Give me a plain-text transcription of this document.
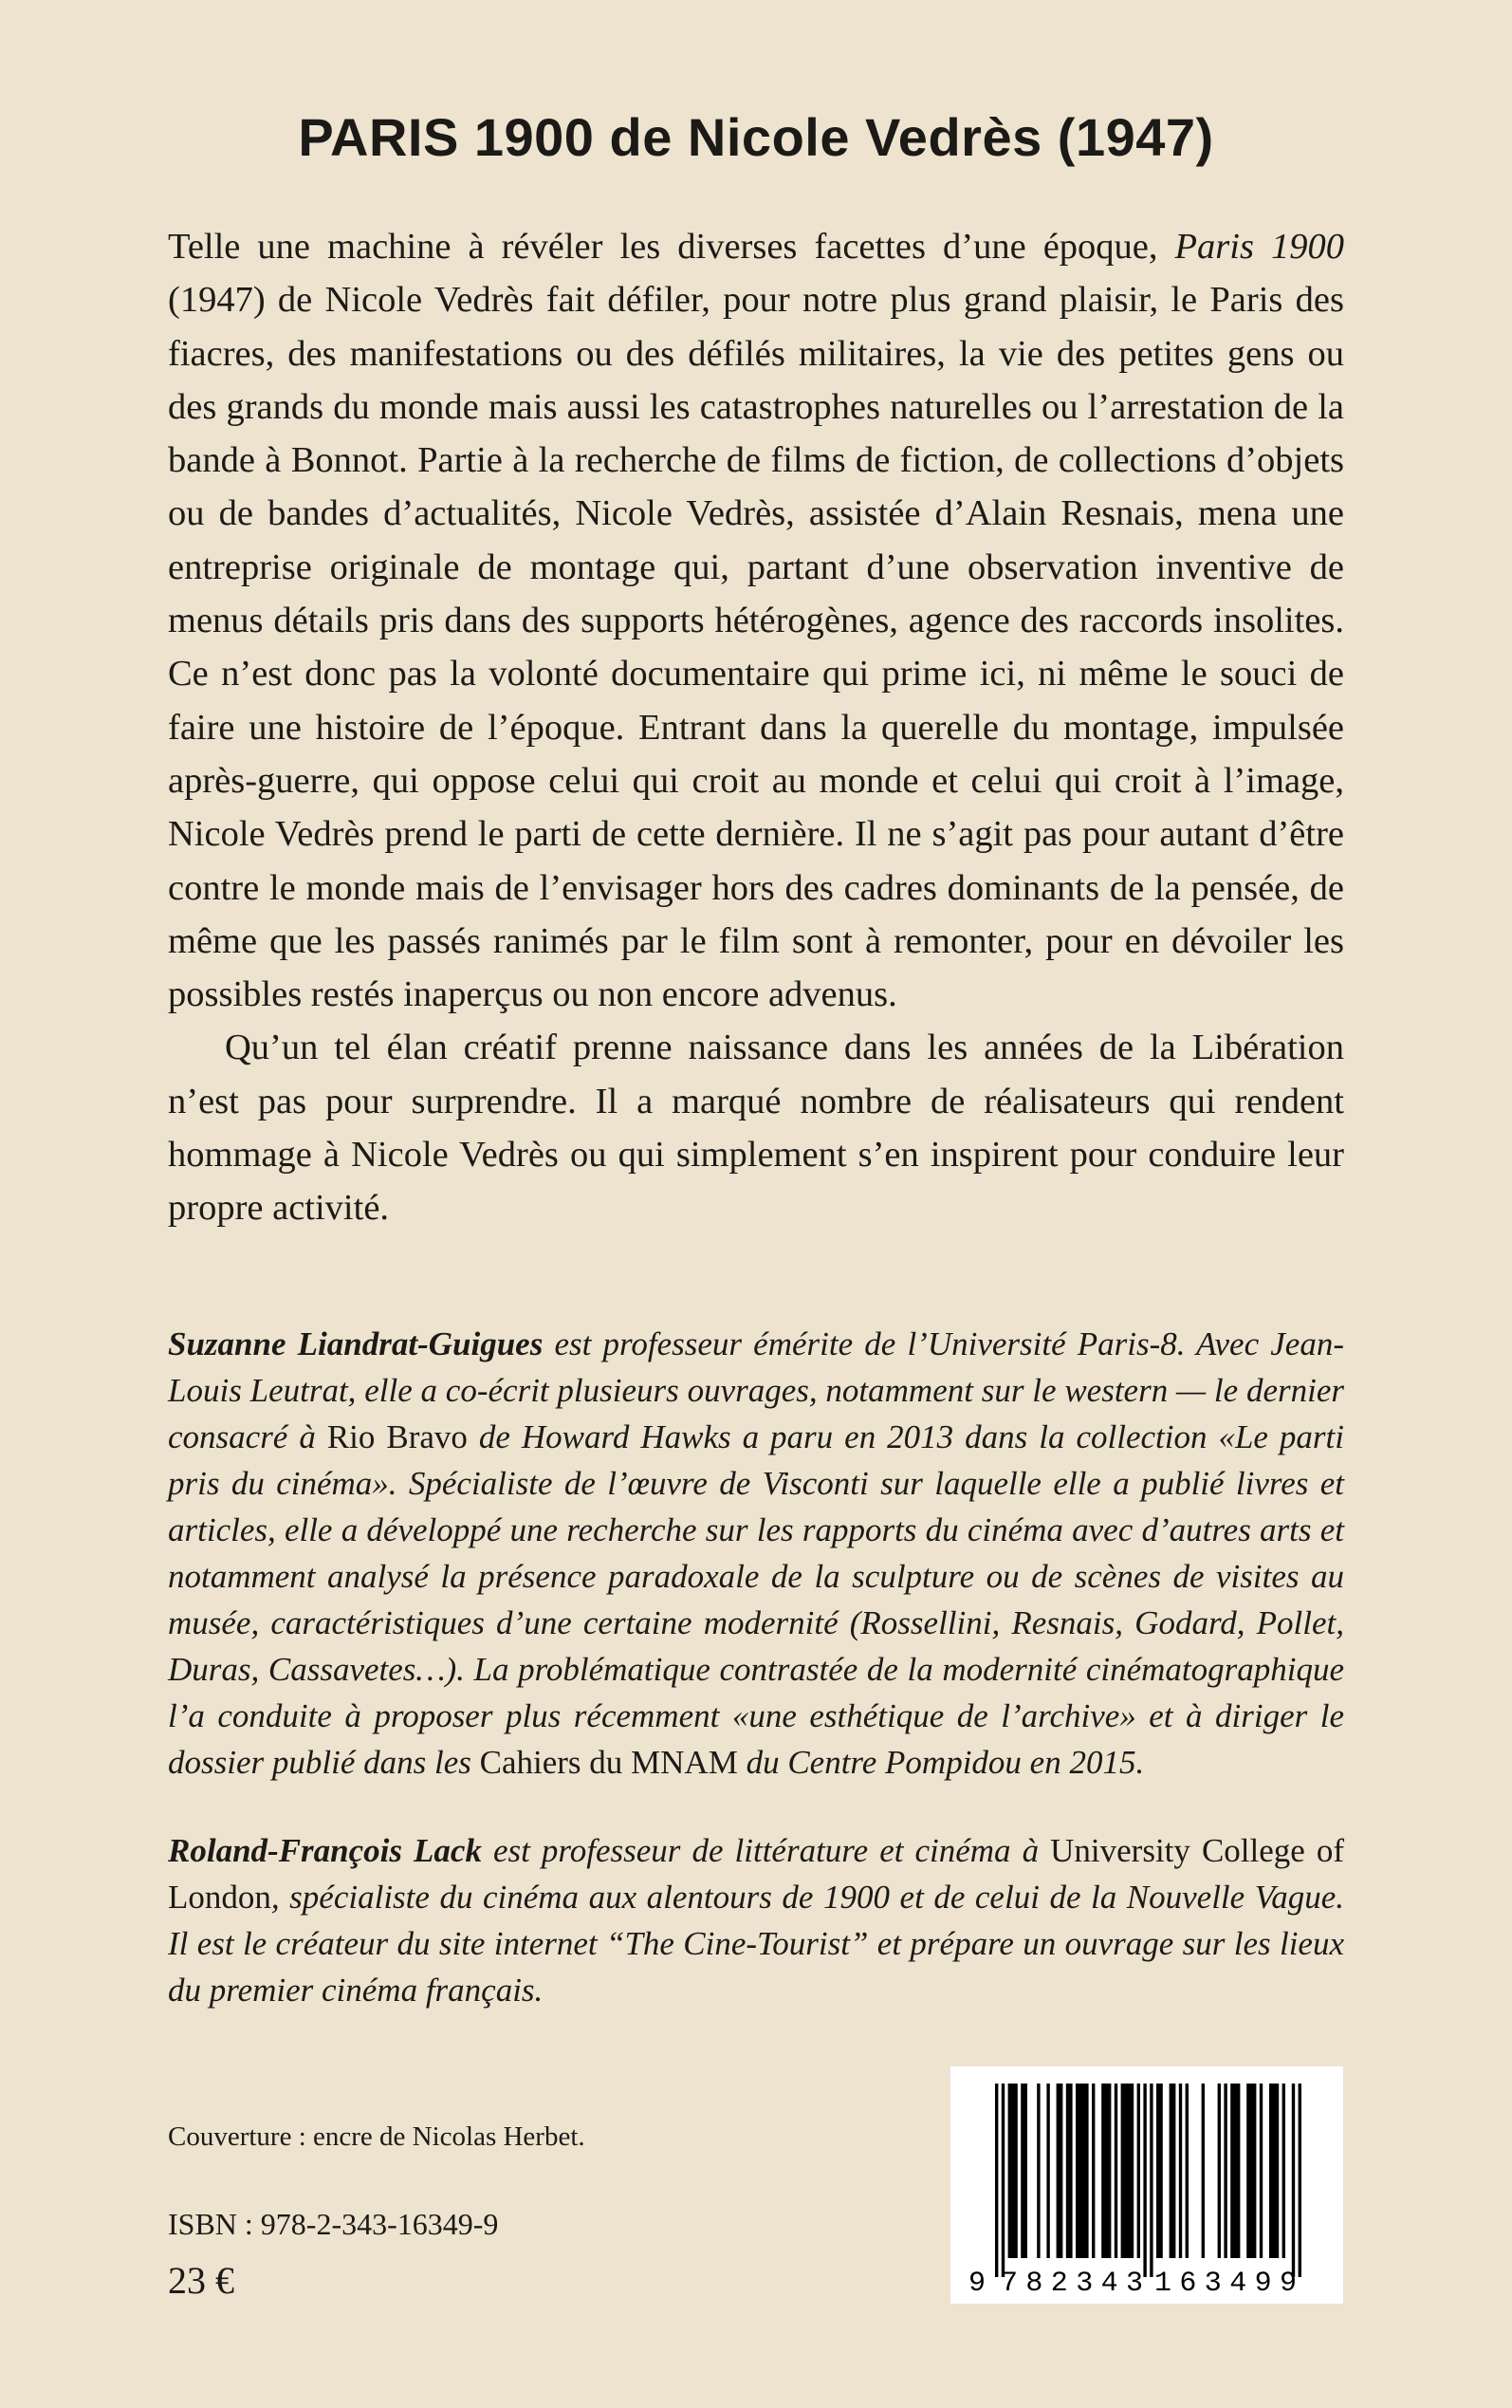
PARIS 1900 de Nicole Vedrès (1947)

Telle une machine à révéler les diverses facettes d’une époque, Paris 1900 (1947) de Nicole Vedrès fait défiler, pour notre plus grand plaisir, le Paris des fiacres, des manifestations ou des défilés militaires, la vie des petites gens ou des grands du monde mais aussi les catastrophes naturelles ou l’arrestation de la bande à Bonnot. Partie à la recherche de films de fiction, de collections d’objets ou de bandes d’actualités, Nicole Vedrès, assistée d’Alain Resnais, mena une entreprise originale de montage qui, partant d’une observation inventive de menus détails pris dans des supports hétérogènes, agence des raccords insolites. Ce n’est donc pas la volonté documentaire qui prime ici, ni même le souci de faire une histoire de l’époque. Entrant dans la querelle du montage, impulsée après-guerre, qui oppose celui qui croit au monde et celui qui croit à l’image, Nicole Vedrès prend le parti de cette dernière. Il ne s’agit pas pour autant d’être contre le monde mais de l’envisager hors des cadres dominants de la pensée, de même que les passés ranimés par le film sont à remonter, pour en dévoiler les possibles restés inaperçus ou non encore advenus.

Qu’un tel élan créatif prenne naissance dans les années de la Libération n’est pas pour surprendre. Il a marqué nombre de réalisateurs qui rendent hommage à Nicole Vedrès ou qui simplement s’en inspirent pour conduire leur propre activité.

Suzanne Liandrat-Guigues est professeur émérite de l’Université Paris-8. Avec Jean-Louis Leutrat, elle a co-écrit plusieurs ouvrages, notamment sur le western — le dernier consacré à Rio Bravo de Howard Hawks a paru en 2013 dans la collection «Le parti pris du cinéma». Spécialiste de l’œuvre de Visconti sur laquelle elle a publié livres et articles, elle a développé une recherche sur les rapports du cinéma avec d’autres arts et notamment analysé la présence paradoxale de la sculpture ou de scènes de visites au musée, caractéristiques d’une certaine modernité (Rossellini, Resnais, Godard, Pollet, Duras, Cassavetes…). La problématique contrastée de la modernité cinématographique l’a conduite à proposer plus récemment «une esthétique de l’archive» et à diriger le dossier publié dans les Cahiers du MNAM du Centre Pompidou en 2015.

Roland-François Lack est professeur de littérature et cinéma à University College of London, spécialiste du cinéma aux alentours de 1900 et de celui de la Nouvelle Vague. Il est le créateur du site internet “The Cine-Tourist” et prépare un ouvrage sur les lieux du premier cinéma français.

Couverture : encre de Nicolas Herbet.

ISBN : 978-2-343-16349-9

23 €	9 782343 163499
